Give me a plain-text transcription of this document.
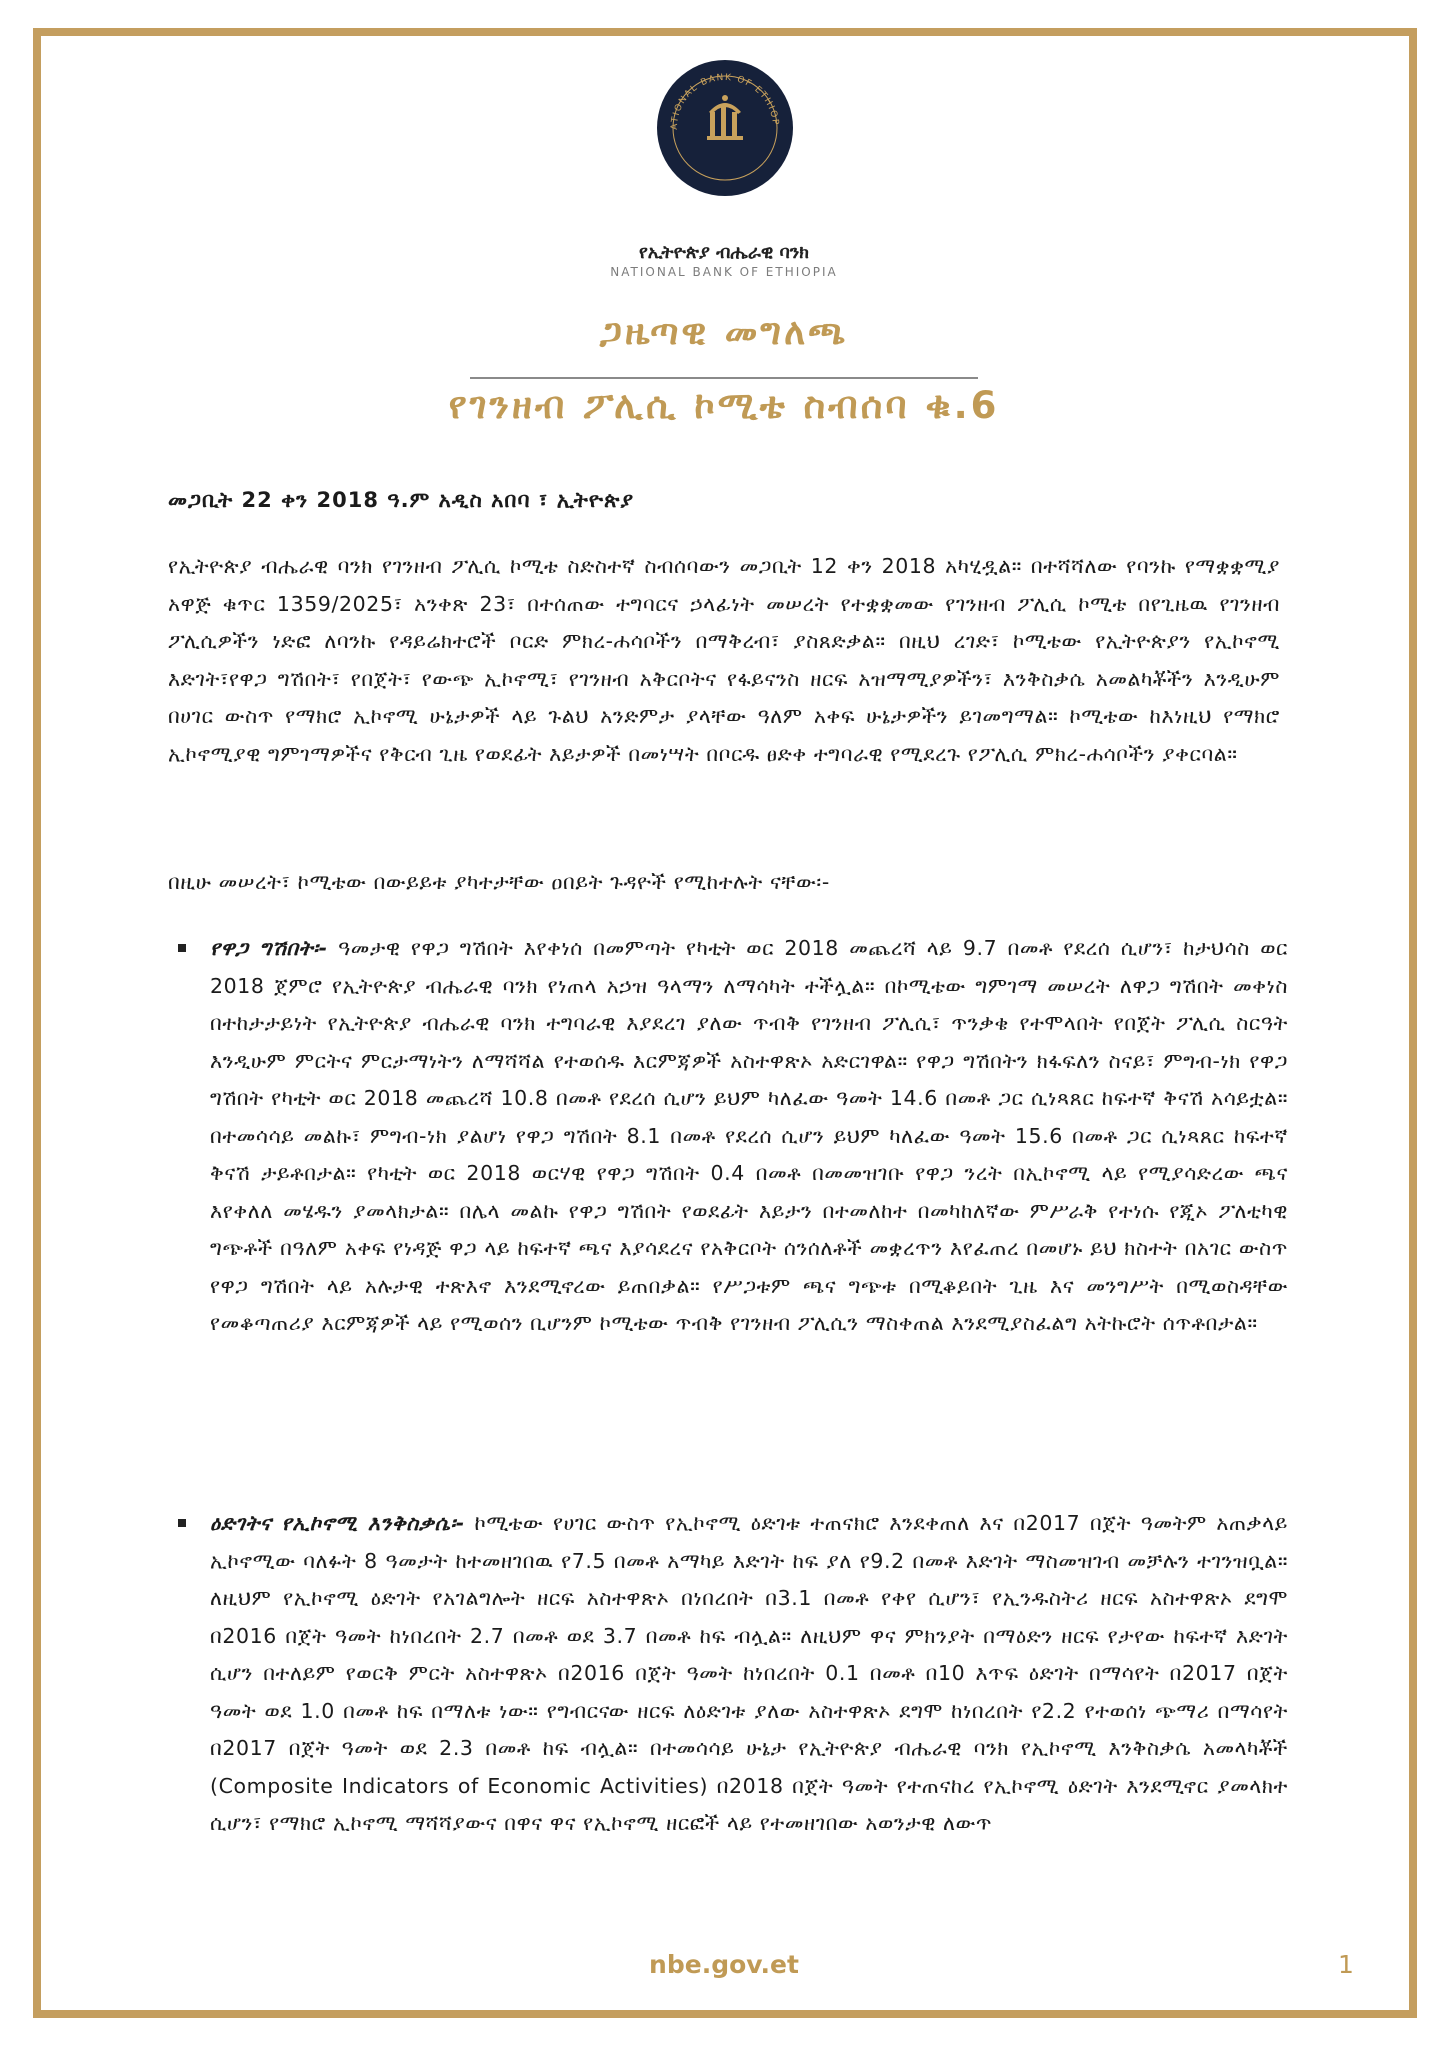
ATIONAL BANK OF ETHIOP
የኢትዮጵያ ብሔራዊ ባንክ
NATIONAL BANK OF ETHIOPIA
ጋዜጣዊ መግለጫ
የገንዘብ ፖሊሲ ኮሚቴ ስብሰባ ቁ.6
መጋቢት 22 ቀን 2018 ዓ.ም አዲስ አበባ ፣ ኢትዮጵያ
የኢትዮጵያ ብሔራዊ ባንክ የገንዘብ ፖሊሲ ኮሚቴ ስድስተኛ ስብሰባውን መጋቢት 12 ቀን 2018 አካሂዷል። በተሻሻለው የባንኩ የማቋቋሚያ አዋጅ ቁጥር 1359/2025፣ አንቀጽ 23፣ በተሰጠው ተግባርና ኃላፊነት መሠረት የተቋቋመው የገንዘብ ፖሊሲ ኮሚቴ በየጊዜዉ የገንዘብ ፖሊሲዎችን ነድፎ ለባንኩ የዳይሬክተሮች ቦርድ ምክረ-ሐሳቦችን በማቅረብ፣ ያስጸድቃል። በዚህ ረገድ፣ ኮሚቴው የኢትዮጵያን የኢኮኖሚ እድገት፣የዋጋ ግሽበት፣ የበጀት፣ የውጭ ኢኮኖሚ፣ የገንዘብ አቅርቦትና የፋይናንስ ዘርፍ አዝማሚያዎችን፣ እንቅስቃሴ አመልካቾችን እንዲሁም በሀገር ውስጥ የማክሮ ኢኮኖሚ ሁኔታዎች ላይ ጉልህ አንድምታ ያላቸው ዓለም አቀፍ ሁኔታዎችን ይገመግማል። ኮሚቴው ከእነዚህ የማክሮ ኢኮኖሚያዊ ግምገማዎችና የቅርብ ጊዜ የወደፊት እይታዎች በመነሣት በቦርዱ ፀድቀ ተግባራዊ የሚደረጉ የፖሊሲ ምክረ-ሐሳቦችን ያቀርባል።
በዚሁ መሠረት፣ ኮሚቴው በውይይቱ ያካተታቸው ዐበይት ጉዳዮች የሚከተሉት ናቸው፡-
የዋጋ ግሽበት፡- ዓመታዊ የዋጋ ግሽበት እየቀነሰ በመምጣት የካቲት ወር 2018 መጨረሻ ላይ 9.7 በመቶ የደረሰ ሲሆን፣ ከታህሳስ ወር 2018 ጀምሮ የኢትዮጵያ ብሔራዊ ባንክ የነጠላ አኃዝ ዓላማን ለማሳካት ተችሏል። በኮሚቴው ግምገማ መሠረት ለዋጋ ግሽበት መቀነስ በተከታታይነት የኢትዮጵያ ብሔራዊ ባንክ ተግባራዊ እያደረገ ያለው ጥብቅ የገንዘብ ፖሊሲ፣ ጥንቃቄ የተሞላበት የበጀት ፖሊሲ ስርዓት እንዲሁም ምርትና ምርታማነትን ለማሻሻል የተወሰዱ እርምጃዎች አስተዋጽኦ አድርገዋል። የዋጋ ግሽበትን ክፋፍለን ስናይ፣ ምግብ-ነክ የዋጋ ግሽበት የካቲት ወር 2018 መጨረሻ 10.8 በመቶ የደረሰ ሲሆን ይህም ካለፈው ዓመት 14.6 በመቶ ጋር ሲነጻጸር ከፍተኛ ቅናሽ አሳይቷል። በተመሳሳይ መልኩ፣ ምግብ-ነክ ያልሆነ የዋጋ ግሽበት 8.1 በመቶ የደረሰ ሲሆን ይህም ካለፈው ዓመት 15.6 በመቶ ጋር ሲነጻጸር ከፍተኛ ቅናሽ ታይቶበታል። የካቲት ወር 2018 ወርሃዊ የዋጋ ግሽበት 0.4 በመቶ በመመዝገቡ የዋጋ ንረት በኢኮኖሚ ላይ የሚያሳድረው ጫና እየቀለለ መሄዱን ያመላክታል። በሌላ መልኩ የዋጋ ግሽበት የወደፊት እይታን በተመለከተ በመካከለኛው ምሥራቅ የተነሱ የጂኦ ፖለቲካዊ ግጭቶች በዓለም አቀፍ የነዳጅ ዋጋ ላይ ከፍተኛ ጫና እያሳደረና የአቅርቦት ሰንሰለቶች መቋረጥን እየፈጠረ በመሆኑ ይህ ክስተት በአገር ውስጥ የዋጋ ግሽበት ላይ አሉታዊ ተጽእኖ እንደሚኖረው ይጠበቃል። የሥጋቱም ጫና ግጭቱ በሚቆይበት ጊዜ እና መንግሥት በሚወስዳቸው የመቆጣጠሪያ እርምጃዎች ላይ የሚወሰን ቢሆንም ኮሚቴው ጥብቅ የገንዘብ ፖሊሲን ማስቀጠል እንደሚያስፈልግ አትኩሮት ሰጥቶበታል።
ዕድገትና የኢኮኖሚ እንቅስቃሴ፡- ኮሚቴው የሀገር ውስጥ የኢኮኖሚ ዕድገቱ ተጠናክሮ እንደቀጠለ እና በ2017 በጀት ዓመትም አጠቃላይ ኢኮኖሚው ባለፉት 8 ዓመታት ከተመዘገበዉ የ7.5 በመቶ አማካይ እድገት ከፍ ያለ የ9.2 በመቶ እድገት ማስመዝገብ መቻሉን ተገንዝቧል። ለዚህም የኢኮኖሚ ዕድገት የአገልግሎት ዘርፍ አስተዋጽኦ በነበረበት በ3.1 በመቶ የቀየ ሲሆን፣ የኢንዱስትሪ ዘርፍ አስተዋጽኦ ደግሞ በ2016 በጀት ዓመት ከነበረበት 2.7 በመቶ ወደ 3.7 በመቶ ከፍ ብሏል። ለዚህም ዋና ምክንያት በማዕድን ዘርፍ የታየው ከፍተኛ እድገት ሲሆን በተለይም የወርቅ ምርት አስተዋጽኦ በ2016 በጀት ዓመት ከነበረበት 0.1 በመቶ በ10 እጥፍ ዕድገት በማሳየት በ2017 በጀት ዓመት ወደ 1.0 በመቶ ከፍ በማለቱ ነው። የግብርናው ዘርፍ ለዕድገቱ ያለው አስተዋጽኦ ደግሞ ከነበረበት የ2.2 የተወሰነ ጭማሪ በማሳየት በ2017 በጀት ዓመት ወደ 2.3 በመቶ ከፍ ብሏል። በተመሳሳይ ሁኔታ የኢትዮጵያ ብሔራዊ ባንክ የኢኮኖሚ እንቅስቃሴ አመላካቾች (Composite Indicators of Economic Activities) በ2018 በጀት ዓመት የተጠናከረ የኢኮኖሚ ዕድገት እንደሚኖር ያመላክተ ሲሆን፣ የማክሮ ኢኮኖሚ ማሻሻያውና በዋና ዋና የኢኮኖሚ ዘርፎች ላይ የተመዘገበው አወንታዊ ለውጥ
nbe.gov.et	1
